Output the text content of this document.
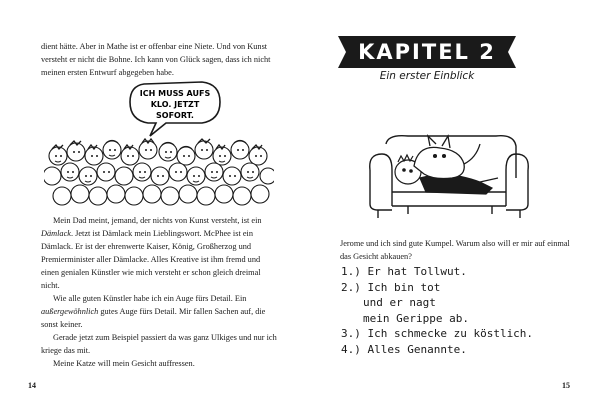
dient hätte. Aber in Mathe ist er offenbar eine Niete. Und von Kunst versteht er nicht die Bohne. Ich kann von Glück sagen, dass ich nicht meinen ersten Entwurf abgegeben habe.

ICH MUSS AUFS
KLO. JETZT
SOFORT.

Mein Dad meint, jemand, der nichts von Kunst versteht, ist ein Dämlack. Jetzt ist Dämlack mein Lieblingswort. McPhee ist ein Dämlack. Er ist der ehrenwerte Kaiser, König, Großherzog und Premierminister aller Dämlacke. Alles Kreative ist ihm fremd und einen genialen Künstler wie mich versteht er schon gleich dreimal nicht.
Wie alle guten Künstler habe ich ein Auge fürs Detail. Ein außergewöhnlich gutes Auge fürs Detail. Mir fallen Sachen auf, die sonst keiner.
Gerade jetzt zum Beispiel passiert da was ganz Ulkiges und nur ich kriege das mit.
Meine Katze will mein Gesicht auffressen.

14
KAPITEL 2
Ein erster Einblick

Jerome und ich sind gute Kumpel. Warum also will er mir auf einmal das Gesicht abkauen?

1.) Er hat Tollwut.
2.) Ich bin tot
und er nagt
mein Gerippe ab.
3.) Ich schmecke zu köstlich.
4.) Alles Genannte.
15
